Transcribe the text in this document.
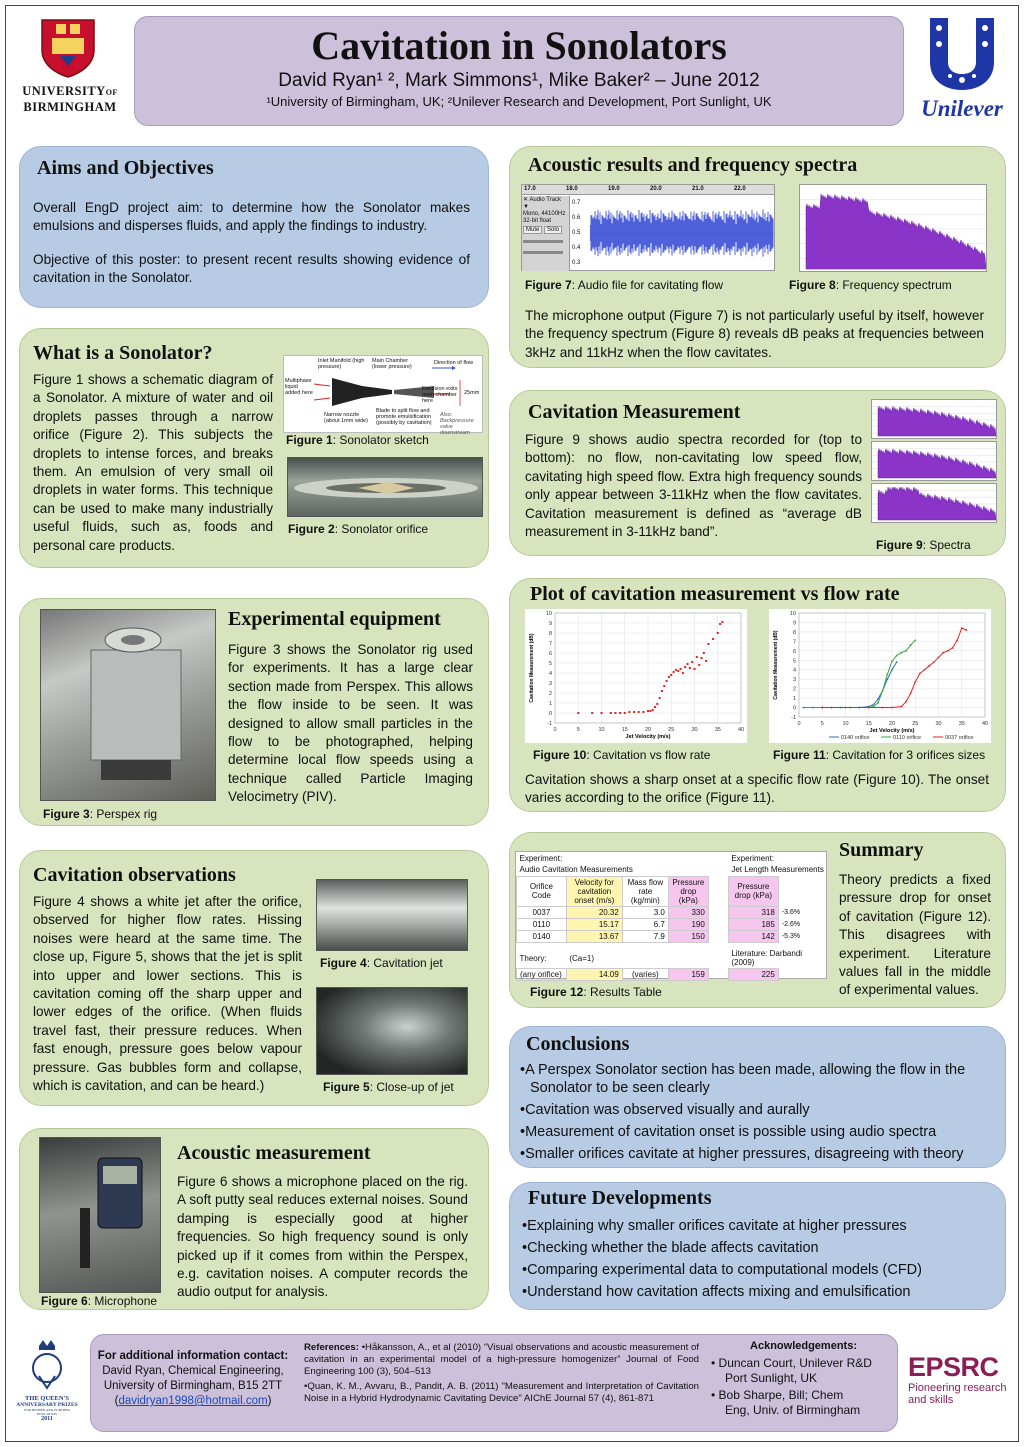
UNIVERSITYOF
BIRMINGHAM
Cavitation in Sonolators
David Ryan¹ ², Mark Simmons¹, Mike Baker² – June 2012
¹University of Birmingham, UK; ²Unilever Research and Development, Port Sunlight, UK	Unilever
Aims and Objectives
Overall EngD project aim: to determine how the Sonolator makes emulsions and disperses fluids, and apply the findings to industry.
Objective of this poster: to present recent results showing evidence of cavitation in the Sonolator.
What is a Sonolator?
Figure 1 shows a schematic diagram of a Sonolator. A mixture of water and oil droplets passes through a narrow orifice (Figure 2). This subjects the droplets to intense forces, and breaks them. An emulsion of very small oil droplets in water forms. This technique can be used to make many industrially useful fluids, such as, foods and personal care products.
Inlet Manifold (high pressure)
Main Chamber (lower pressure)
Direction of flow
Multiphase liquid added here
Emulsion exits main chamber here
25mm
Narrow nozzle (about 1mm wide)
Blade to split flow and promote emulsification (possibly by cavitation)
Also: Backpressure valve downstream
Figure 1: Sonolator sketch
Figure 2: Sonolator orifice
Figure 3: Perspex rig
Experimental equipment
Figure 3 shows the Sonolator rig used for experiments. It has a large clear section made from Perspex. This allows the flow inside to be seen. It was designed to allow small particles in the flow to be photographed, helping determine local flow speeds using a technique called Particle Imaging Velocimetry (PIV).
Cavitation observations
Figure 4 shows a white jet after the orifice, observed for higher flow rates. Hissing noises were heard at the same time. The close up, Figure 5, shows that the jet is split into upper and lower sections. This is cavitation coming off the sharp upper and lower edges of the orifice. (When fluids travel fast, their pressure reduces. When fast enough, pressure goes below vapour pressure. Gas bubbles form and collapse, which is cavitation, and can be heard.)
Figure 4: Cavitation jet
Figure 5: Close-up of jet
Figure 6: Microphone
Acoustic measurement
Figure 6 shows a microphone placed on the rig. A soft putty seal reduces external noises. Sound damping is especially good at higher frequencies. So high frequency sound is only picked up if it comes from within the Perspex, e.g. cavitation noises. A computer records the audio output for analysis.
Acoustic results and frequency spectra
17.0	18.0	19.0	20.0	21.0	22.0
✕ Audio Track ▼
Mono, 44100Hz
32-bit float
Mute Solo
0.7
0.6
0.5
0.4
0.3
Figure 7: Audio file for cavitating flow	Figure 8: Frequency spectrum
The microphone output (Figure 7) is not particularly useful by itself, however the frequency spectrum (Figure 8) reveals dB peaks at frequencies between 3kHz and 11kHz when the flow cavitates.
Cavitation Measurement
Figure 9 shows audio spectra recorded for (top to bottom): no flow, non-cavitating low speed flow, cavitating high speed flow. Extra high frequency sounds only appear between 3-11kHz when the flow cavitates. Cavitation measurement is defined as “average dB measurement in 3-11kHz band”.
Figure 9: Spectra
Plot of cavitation measurement vs flow rate
-1
0
1
2
3
4
5
6
7
8
9
10
0	5	10	15	20	25	30	35	40
Jet Velocity (m/s)
Cavitation Measurement (dB)
-1
0
1
2
3
4
5
6
7
8
9
10
0	5	10	15	20	25	30	35	40
Jet Velocity (m/s)
Cavitation Measurement (dB)
0140 orifice	0110 orifice	0037 orifice
Figure 10: Cavitation vs flow rate	Figure 11: Cavitation for 3 orifices sizes
Cavitation shows a sharp onset at a specific flow rate (Figure 10). The onset varies according to the orifice (Figure 11).
Experiment:					Experiment:	
Audio Cavitation Measurements					Jet Length Measurements	
Orifice Code	Velocity for cavitation onset (m/s)	Mass flow rate (kg/min)	Pressure drop (kPa)		Pressure drop (kPa)	
0037	20.32	3.0	330		318	-3.6%
0110	15.17	6.7	190		185	-2.6%
0140	13.67	7.9	150		142	-5.3%

Theory:	(Ca=1)				Literature: Darbandi (2009)	
(any orifice)	14.09	(varies)	159		225	
Figure 12: Results Table
Summary
Theory predicts a fixed pressure drop for onset of cavitation (Figure 12). This disagrees with experiment. Literature values fall in the middle of experimental values.
Conclusions
• A Perspex Sonolator section has been made, allowing the flow in the Sonolator to be seen clearly
• Cavitation was observed visually and aurally
• Measurement of cavitation onset is possible using audio spectra
• Smaller orifices cavitate at higher pressures, disagreeing with theory
Future Developments
• Explaining why smaller orifices cavitate at higher pressures
• Checking whether the blade affects cavitation
• Comparing experimental data to computational models (CFD)
• Understand how cavitation affects mixing and emulsification
THE QUEEN'S
ANNIVERSARY PRIZES
FOR HIGHER AND FURTHER EDUCATION
2011
For additional information contact:
David Ryan, Chemical Engineering,
University of Birmingham, B15 2TT
(davidryan1998@hotmail.com)
References: •Håkansson, A., et al (2010) “Visual observations and acoustic measurement of cavitation in an experimental model of a high-pressure homogenizer” Journal of Food Engineering 100 (3), 504–513
•Quan, K. M., Avvaru, B., Pandit, A. B. (2011) "Measurement and Interpretation of Cavitation Noise in a Hybrid Hydrodynamic Cavitating Device" AIChE Journal 57 (4), 861-871
Acknowledgements:
• Duncan Court, Unilever R&D
Port Sunlight, UK
• Bob Sharpe, Bill; Chem
Eng, Univ. of Birmingham
EPSRC
Pioneering research
and skills
